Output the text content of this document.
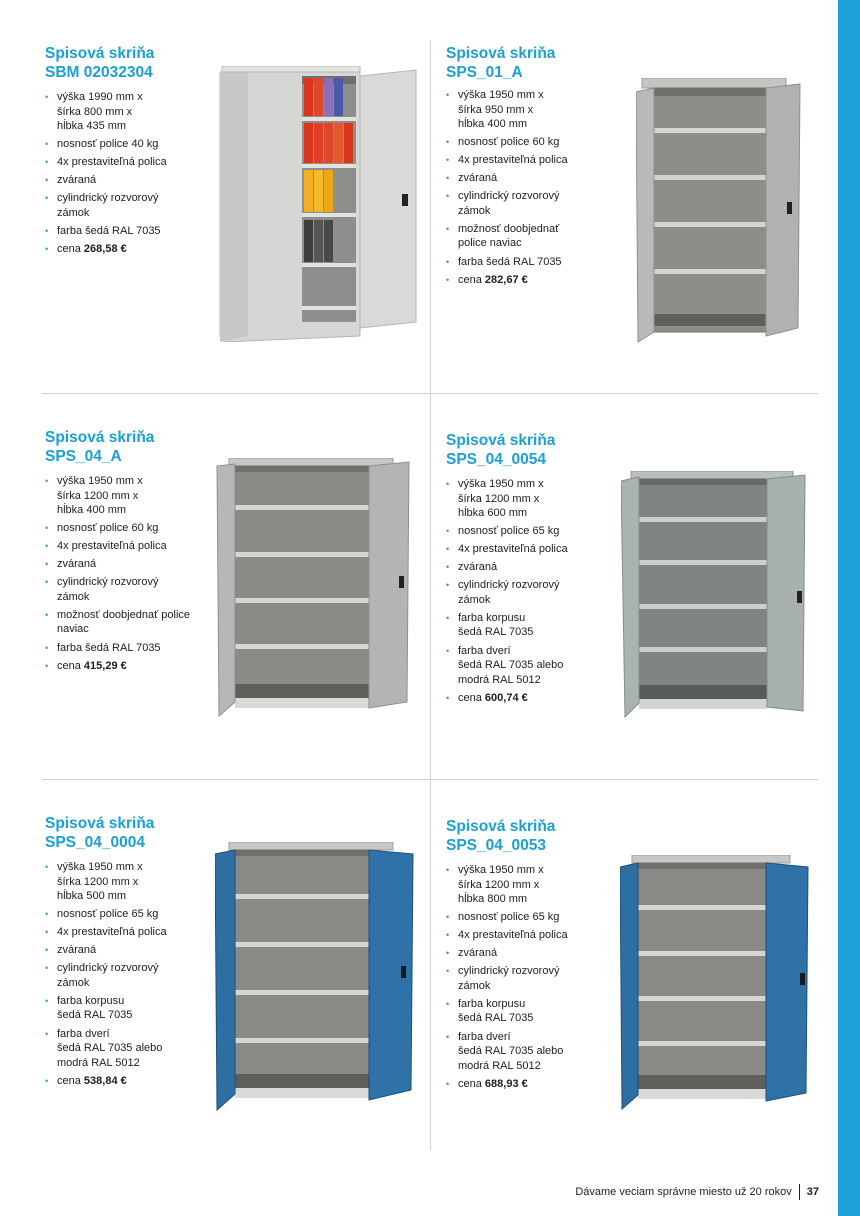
Spisová skriňa
SBM 02032304
• výška 1990 mm x
šírka 800 mm x
hĺbka 435 mm
• nosnosť police 40 kg
• 4x prestaviteľná polica
• zváraná
• cylindrický rozvorový
zámok
• farba šedá RAL 7035
• cena 268,58 €
Spisová skriňa
SPS_01_A
• výška 1950 mm x
šírka 950 mm x
hĺbka 400 mm
• nosnosť police 60 kg
• 4x prestaviteľná polica
• zváraná
• cylindrický rozvorový
zámok
• možnosť doobjednať
police naviac
• farba šedá RAL 7035
• cena 282,67 €
Spisová skriňa
SPS_04_A
• výška 1950 mm x
šírka 1200 mm x
hĺbka 400 mm
• nosnosť police 60 kg
• 4x prestaviteľná polica
• zváraná
• cylindrický rozvorový
zámok
• možnosť doobjednať police
naviac
• farba šedá RAL 7035
• cena 415,29 €
Spisová skriňa
SPS_04_0054
• výška 1950 mm x
šírka 1200 mm x
hĺbka 600 mm
• nosnosť police 65 kg
• 4x prestaviteľná polica
• zváraná
• cylindrický rozvorový
zámok
• farba korpusu
šedá RAL 7035
• farba dverí
šedá RAL 7035 alebo
modrá RAL 5012
• cena 600,74 €
Spisová skriňa
SPS_04_0004
• výška 1950 mm x
šírka 1200 mm x
hĺbka 500 mm
• nosnosť police 65 kg
• 4x prestaviteľná polica
• zváraná
• cylindrický rozvorový
zámok
• farba korpusu
šedá RAL 7035
• farba dverí
šedá RAL 7035 alebo
modrá RAL 5012
• cena 538,84 €
Spisová skriňa
SPS_04_0053
• výška 1950 mm x
šírka 1200 mm x
hĺbka 800 mm
• nosnosť police 65 kg
• 4x prestaviteľná polica
• zváraná
• cylindrický rozvorový
zámok
• farba korpusu
šedá RAL 7035
• farba dverí
šedá RAL 7035 alebo
modrá RAL 5012
• cena 688,93 €
Dávame veciam správne miesto už 20 rokov 37
